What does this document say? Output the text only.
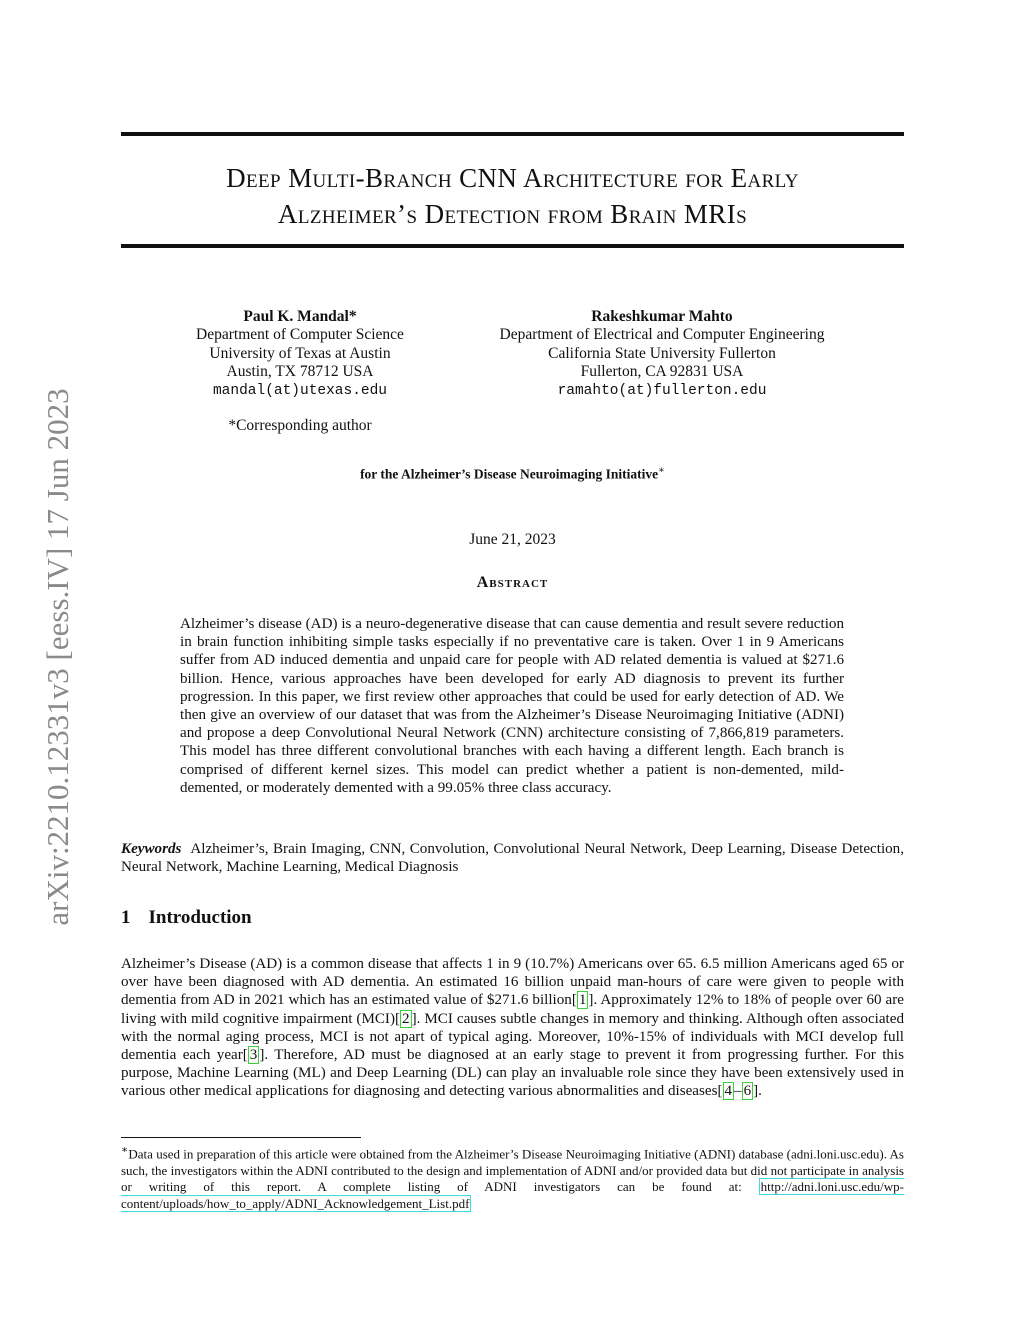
arXiv:2210.12331v3 [eess.IV] 17 Jun 2023
Deep Multi-Branch CNN Architecture for Early
Alzheimer’s Detection from Brain MRIs
Paul K. Mandal*
Department of Computer Science
University of Texas at Austin
Austin, TX 78712 USA
mandal(at)utexas.edu
Rakeshkumar Mahto
Department of Electrical and Computer Engineering
California State University Fullerton
Fullerton, CA 92831 USA
ramahto(at)fullerton.edu
*Corresponding author
for the Alzheimer’s Disease Neuroimaging Initiative∗
June 21, 2023
Abstract
Alzheimer’s disease (AD) is a neuro-degenerative disease that can cause dementia and result severe reduction in brain function inhibiting simple tasks especially if no preventative care is taken. Over 1 in 9 Americans suffer from AD induced dementia and unpaid care for people with AD related dementia is valued at $271.6 billion. Hence, various approaches have been developed for early AD diagnosis to prevent its further progression. In this paper, we first review other approaches that could be used for early detection of AD. We then give an overview of our dataset that was from the Alzheimer’s Disease Neuroimaging Initiative (ADNI) and propose a deep Convolutional Neural Network (CNN) architecture consisting of 7,866,819 parameters. This model has three different convolutional branches with each having a different length. Each branch is comprised of different kernel sizes. This model can predict whether a patient is non-demented, mild-demented, or moderately demented with a 99.05% three class accuracy.
Keywords Alzheimer’s, Brain Imaging, CNN, Convolution, Convolutional Neural Network, Deep Learning, Disease Detection, Neural Network, Machine Learning, Medical Diagnosis
1 Introduction
Alzheimer’s Disease (AD) is a common disease that affects 1 in 9 (10.7%) Americans over 65. 6.5 million Americans aged 65 or over have been diagnosed with AD dementia. An estimated 16 billion unpaid man-hours of care were given to people with dementia from AD in 2021 which has an estimated value of $271.6 billion[ 1 ]. Approximately 12% to 18% of people over 60 are living with mild cognitive impairment (MCI)[ 2 ]. MCI causes subtle changes in memory and thinking. Although often associated with the normal aging process, MCI is not apart of typical aging. Moreover, 10%-15% of individuals with MCI develop full dementia each year[ 3 ]. Therefore, AD must be diagnosed at an early stage to prevent it from progressing further. For this purpose, Machine Learning (ML) and Deep Learning (DL) can play an invaluable role since they have been extensively used in various other medical applications for diagnosing and detecting various abnormalities and diseases[ 4 – 6 ].
∗Data used in preparation of this article were obtained from the Alzheimer’s Disease Neuroimaging Initiative (ADNI) database (adni.loni.usc.edu). As such, the investigators within the ADNI contributed to the design and implementation of ADNI and/or provided data but did not participate in analysis or writing of this report. A complete listing of ADNI investigators can be found at: http://adni.loni.usc.edu/wp-content/uploads/how_to_apply/ADNI_Acknowledgement_List.pdf
